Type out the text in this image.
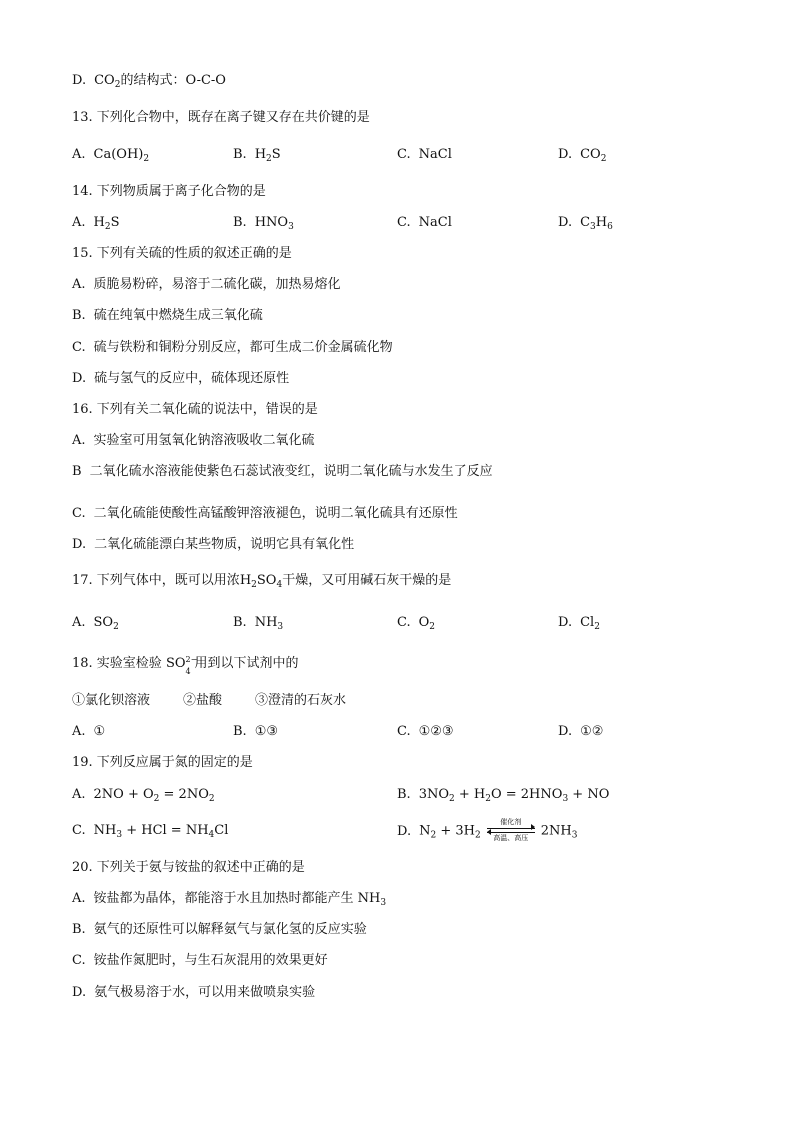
D. $CO_2$的结构式：O-C-O
13. 下列化合物中，既存在离子键又存在共价键的是
A. $Ca(OH)_2$	B. $H_2S$	C. NaCl	D. $CO_2$
14. 下列物质属于离子化合物的是
A. $H_2S$	B. $HNO_3$	C. NaCl	D. $C_3H_6$
15. 下列有关硫的性质的叙述正确的是
A. 质脆易粉碎，易溶于二硫化碳，加热易熔化
B. 硫在纯氧中燃烧生成三氧化硫
C. 硫与铁粉和铜粉分别反应，都可生成二价金属硫化物
D. 硫与氢气的反应中，硫体现还原性
16. 下列有关二氧化硫的说法中，错误的是
A. 实验室可用氢氧化钠溶液吸收二氧化硫
B 二氧化硫水溶液能使紫色石蕊试液变红，说明二氧化硫与水发生了反应
C. 二氧化硫能使酸性高锰酸钾溶液褪色，说明二氧化硫具有还原性
D. 二氧化硫能漂白某些物质，说明它具有氧化性
17. 下列气体中，既可以用浓$H_2SO_4$干燥，又可用碱石灰干燥的是
A. $SO_2$	B. $NH_3$	C. $O_2$	D. $Cl_2$
18. 实验室检验 SO 2−
4 用到以下试剂中的
①氯化钡溶液	②盐酸	③澄清的石灰水
A. ①	B. ①③	C. ①②③	D. ①②
19. 下列反应属于氮的固定的是
A. $2NO + O_2 = 2NO_2$	B. $3NO_2 + H_2O = 2HNO_3$ + NO
C. $NH_3$ + HCl = $NH_4Cl$	D. $N_2 + 3H_2$
催化剂
高温、高压 $2NH_3$
20. 下列关于氨与铵盐的叙述中正确的是
A. 铵盐都为晶体，都能溶于水且加热时都能产生 $NH_3$
B. 氨气的还原性可以解释氨气与氯化氢的反应实验
C. 铵盐作氮肥时，与生石灰混用的效果更好
D. 氨气极易溶于水，可以用来做喷泉实验
